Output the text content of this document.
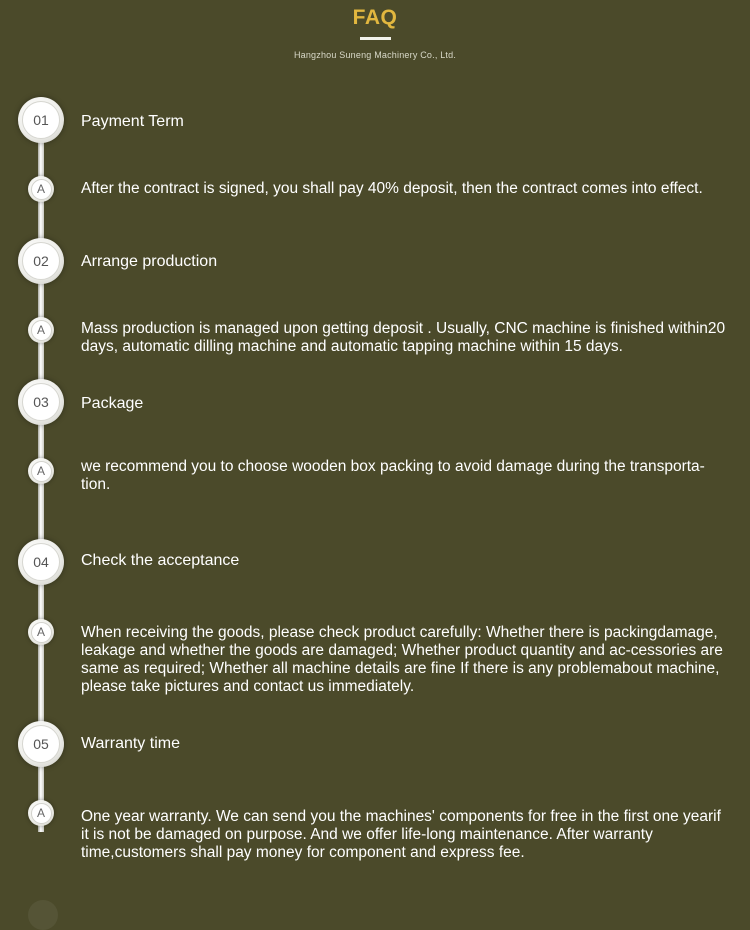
FAQ
Hangzhou Suneng Machinery Co., Ltd.
01	Payment Term
A	After the contract is signed, you shall pay 40% deposit, then the contract comes into effect.
02	Arrange production
A	Mass production is managed upon getting deposit . Usually, CNC machine is finished within20 days, automatic dilling machine and automatic tapping machine within 15 days.
03	Package
A	we recommend you to choose wooden box packing to avoid damage during the transporta-tion.
04	Check the acceptance
A	When receiving the goods, please check product carefully: Whether there is packingdamage, leakage and whether the goods are damaged; Whether product quantity and ac-cessories are same as required; Whether all machine details are fine If there is any problemabout machine, please take pictures and contact us immediately.
05	Warranty time
A	One year warranty. We can send you the machines' components for free in the first one yearif it is not be damaged on purpose. And we offer life-long maintenance. After warranty time,customers shall pay money for component and express fee.
